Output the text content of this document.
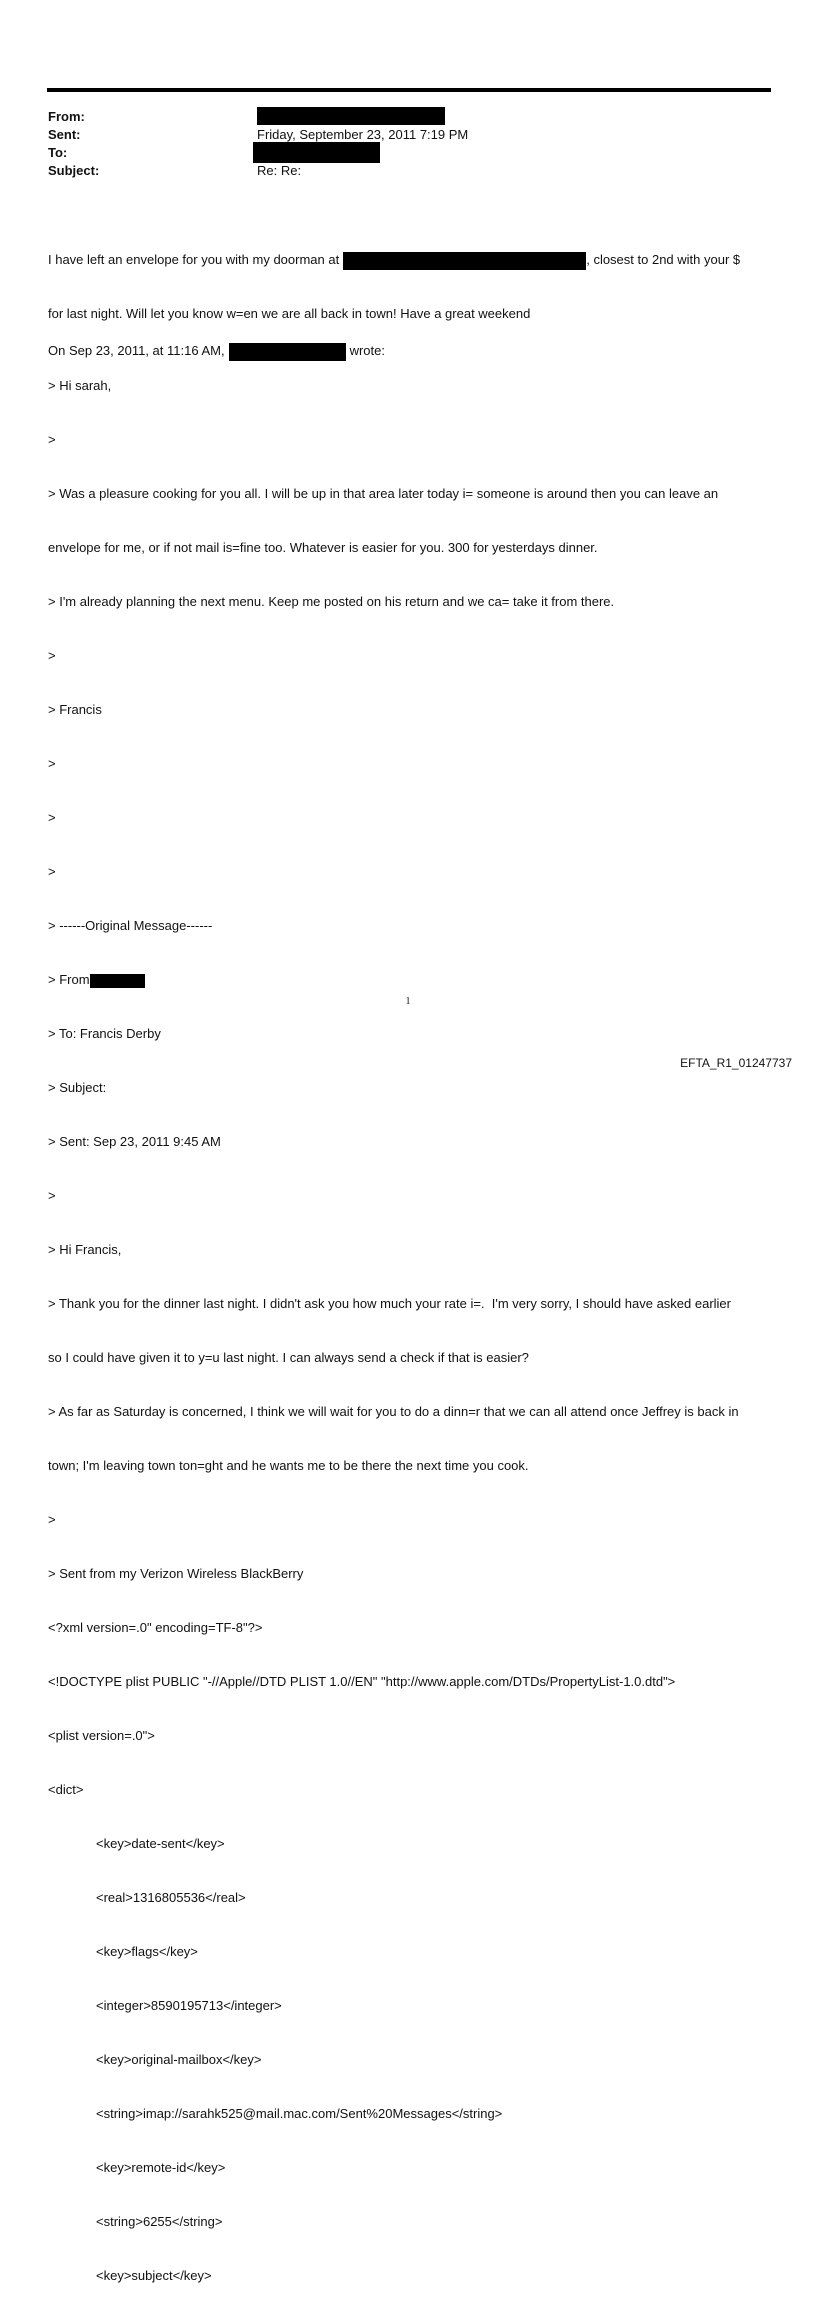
From:
Sent:	Friday, September 23, 2011 7:19 PM
To:
Subject:	Re: Re:

I have left an envelope for you with my doorman at	, closest to 2nd with your $

for last night. Will let you know w=en we are all back in town! Have a great weekend

On Sep 23, 2011, at 11:16 AM,	wrote:

> Hi sarah,

>

> Was a pleasure cooking for you all. I will be up in that area later today i= someone is around then you can leave an

envelope for me, or if not mail is=fine too. Whatever is easier for you. 300 for yesterdays dinner.

> I'm already planning the next menu. Keep me posted on his return and we ca= take it from there.

>

> Francis

>

>

>

> ------Original Message------

> From

> To: Francis Derby

> Subject:

> Sent: Sep 23, 2011 9:45 AM

>

> Hi Francis,

> Thank you for the dinner last night. I didn't ask you how much your rate i=.  I'm very sorry, I should have asked earlier

so I could have given it to y=u last night. I can always send a check if that is easier?

> As far as Saturday is concerned, I think we will wait for you to do a dinn=r that we can all attend once Jeffrey is back in

town; I'm leaving town ton=ght and he wants me to be there the next time you cook.

>

> Sent from my Verizon Wireless BlackBerry

<?xml version=.0" encoding=TF-8"?>

<!DOCTYPE plist PUBLIC "-//Apple//DTD PLIST 1.0//EN" "http://www.apple.com/DTDs/PropertyList-1.0.dtd">

<plist version=.0">

<dict>

<key>date-sent</key>

<real>1316805536</real>

<key>flags</key>

<integer>8590195713</integer>

<key>original-mailbox</key>

<string>imap://sarahk525@mail.mac.com/Sent%20Messages</string>

<key>remote-id</key>

<string>6255</string>

<key>subject</key>

1
EFTA_R1_01247737
